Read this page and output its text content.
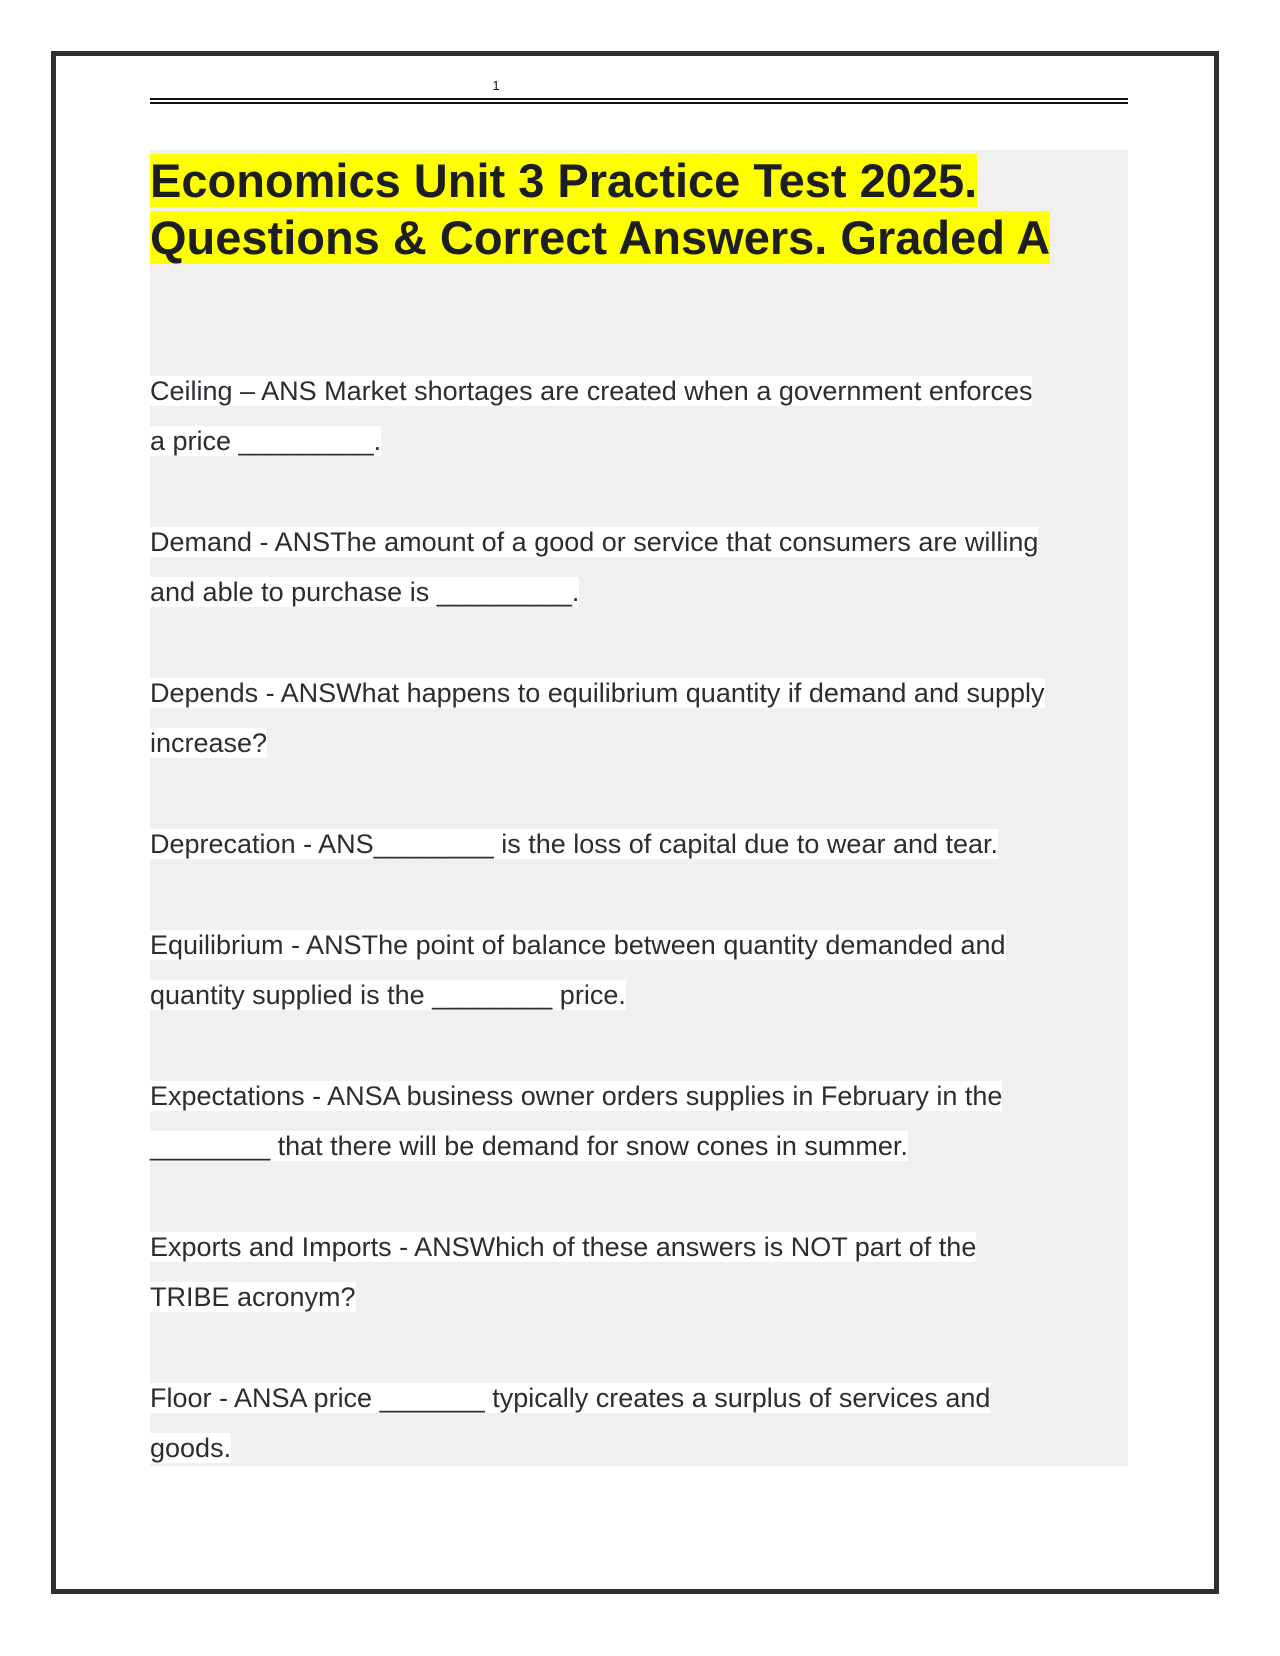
1
Economics Unit 3 Practice Test 2025.
Questions & Correct Answers. Graded A

Ceiling – ANS Market shortages are created when a government enforces
a price _________.

Demand - ANSThe amount of a good or service that consumers are willing
and able to purchase is _________.

Depends - ANSWhat happens to equilibrium quantity if demand and supply
increase?

Deprecation - ANS________ is the loss of capital due to wear and tear.

Equilibrium - ANSThe point of balance between quantity demanded and
quantity supplied is the ________ price.

Expectations - ANSA business owner orders supplies in February in the
________ that there will be demand for snow cones in summer.

Exports and Imports - ANSWhich of these answers is NOT part of the
TRIBE acronym?

Floor - ANSA price _______ typically creates a surplus of services and
goods.
